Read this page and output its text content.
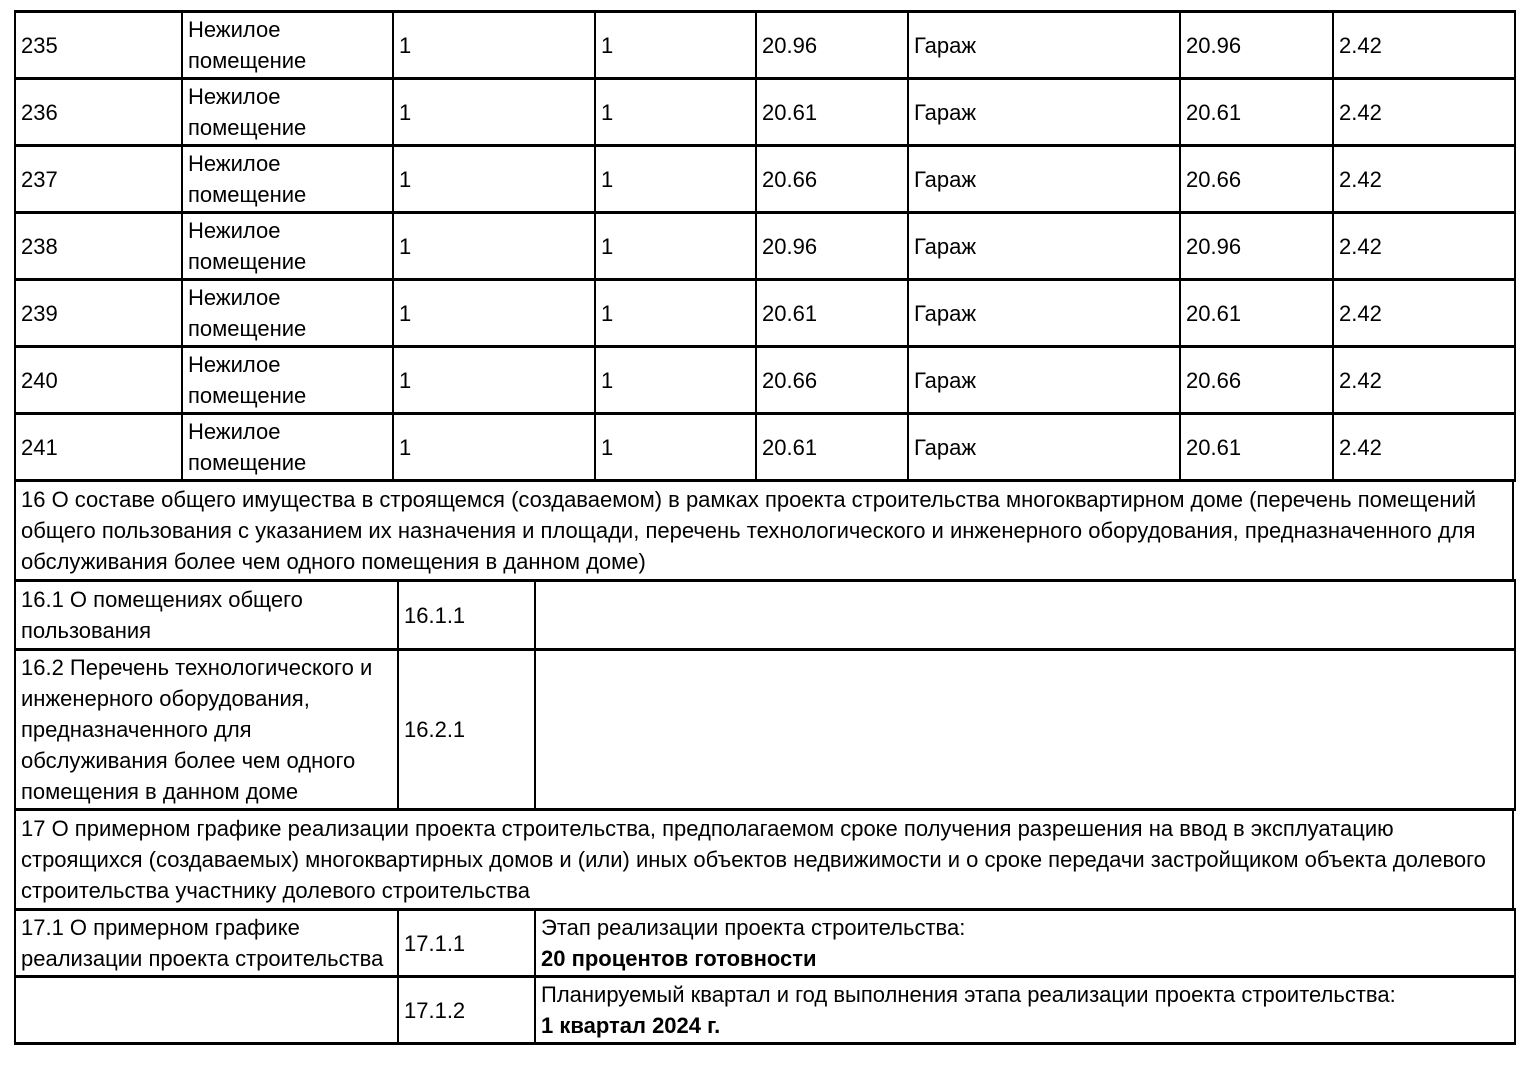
235	Нежилое помещение	1	1	20.96	Гараж	20.96	2.42
236	Нежилое помещение	1	1	20.61	Гараж	20.61	2.42
237	Нежилое помещение	1	1	20.66	Гараж	20.66	2.42
238	Нежилое помещение	1	1	20.96	Гараж	20.96	2.42
239	Нежилое помещение	1	1	20.61	Гараж	20.61	2.42
240	Нежилое помещение	1	1	20.66	Гараж	20.66	2.42
241	Нежилое помещение	1	1	20.61	Гараж	20.61	2.42
16 О составе общего имущества в строящемся (создаваемом) в рамках проекта строительства многоквартирном доме (перечень помещений общего пользования с указанием их назначения и площади, перечень технологического и инженерного оборудования, предназначенного для обслуживания более чем одного помещения в данном доме)
16.1 О помещениях общего пользования	16.1.1	
16.2 Перечень технологического и инженерного оборудования, предназначенного для обслуживания более чем одного помещения в данном доме	16.2.1	
17 О примерном графике реализации проекта строительства, предполагаемом сроке получения разрешения на ввод в эксплуатацию строящихся (создаваемых) многоквартирных домов и (или) иных объектов недвижимости и о сроке передачи застройщиком объекта долевого строительства участнику долевого строительства
17.1 О примерном графике реализации проекта строительства	17.1.1	Этап реализации проекта строительства:
20 процентов готовности

	17.1.2	Планируемый квартал и год выполнения этапа реализации проекта строительства:
1 квартал 2024 г.
